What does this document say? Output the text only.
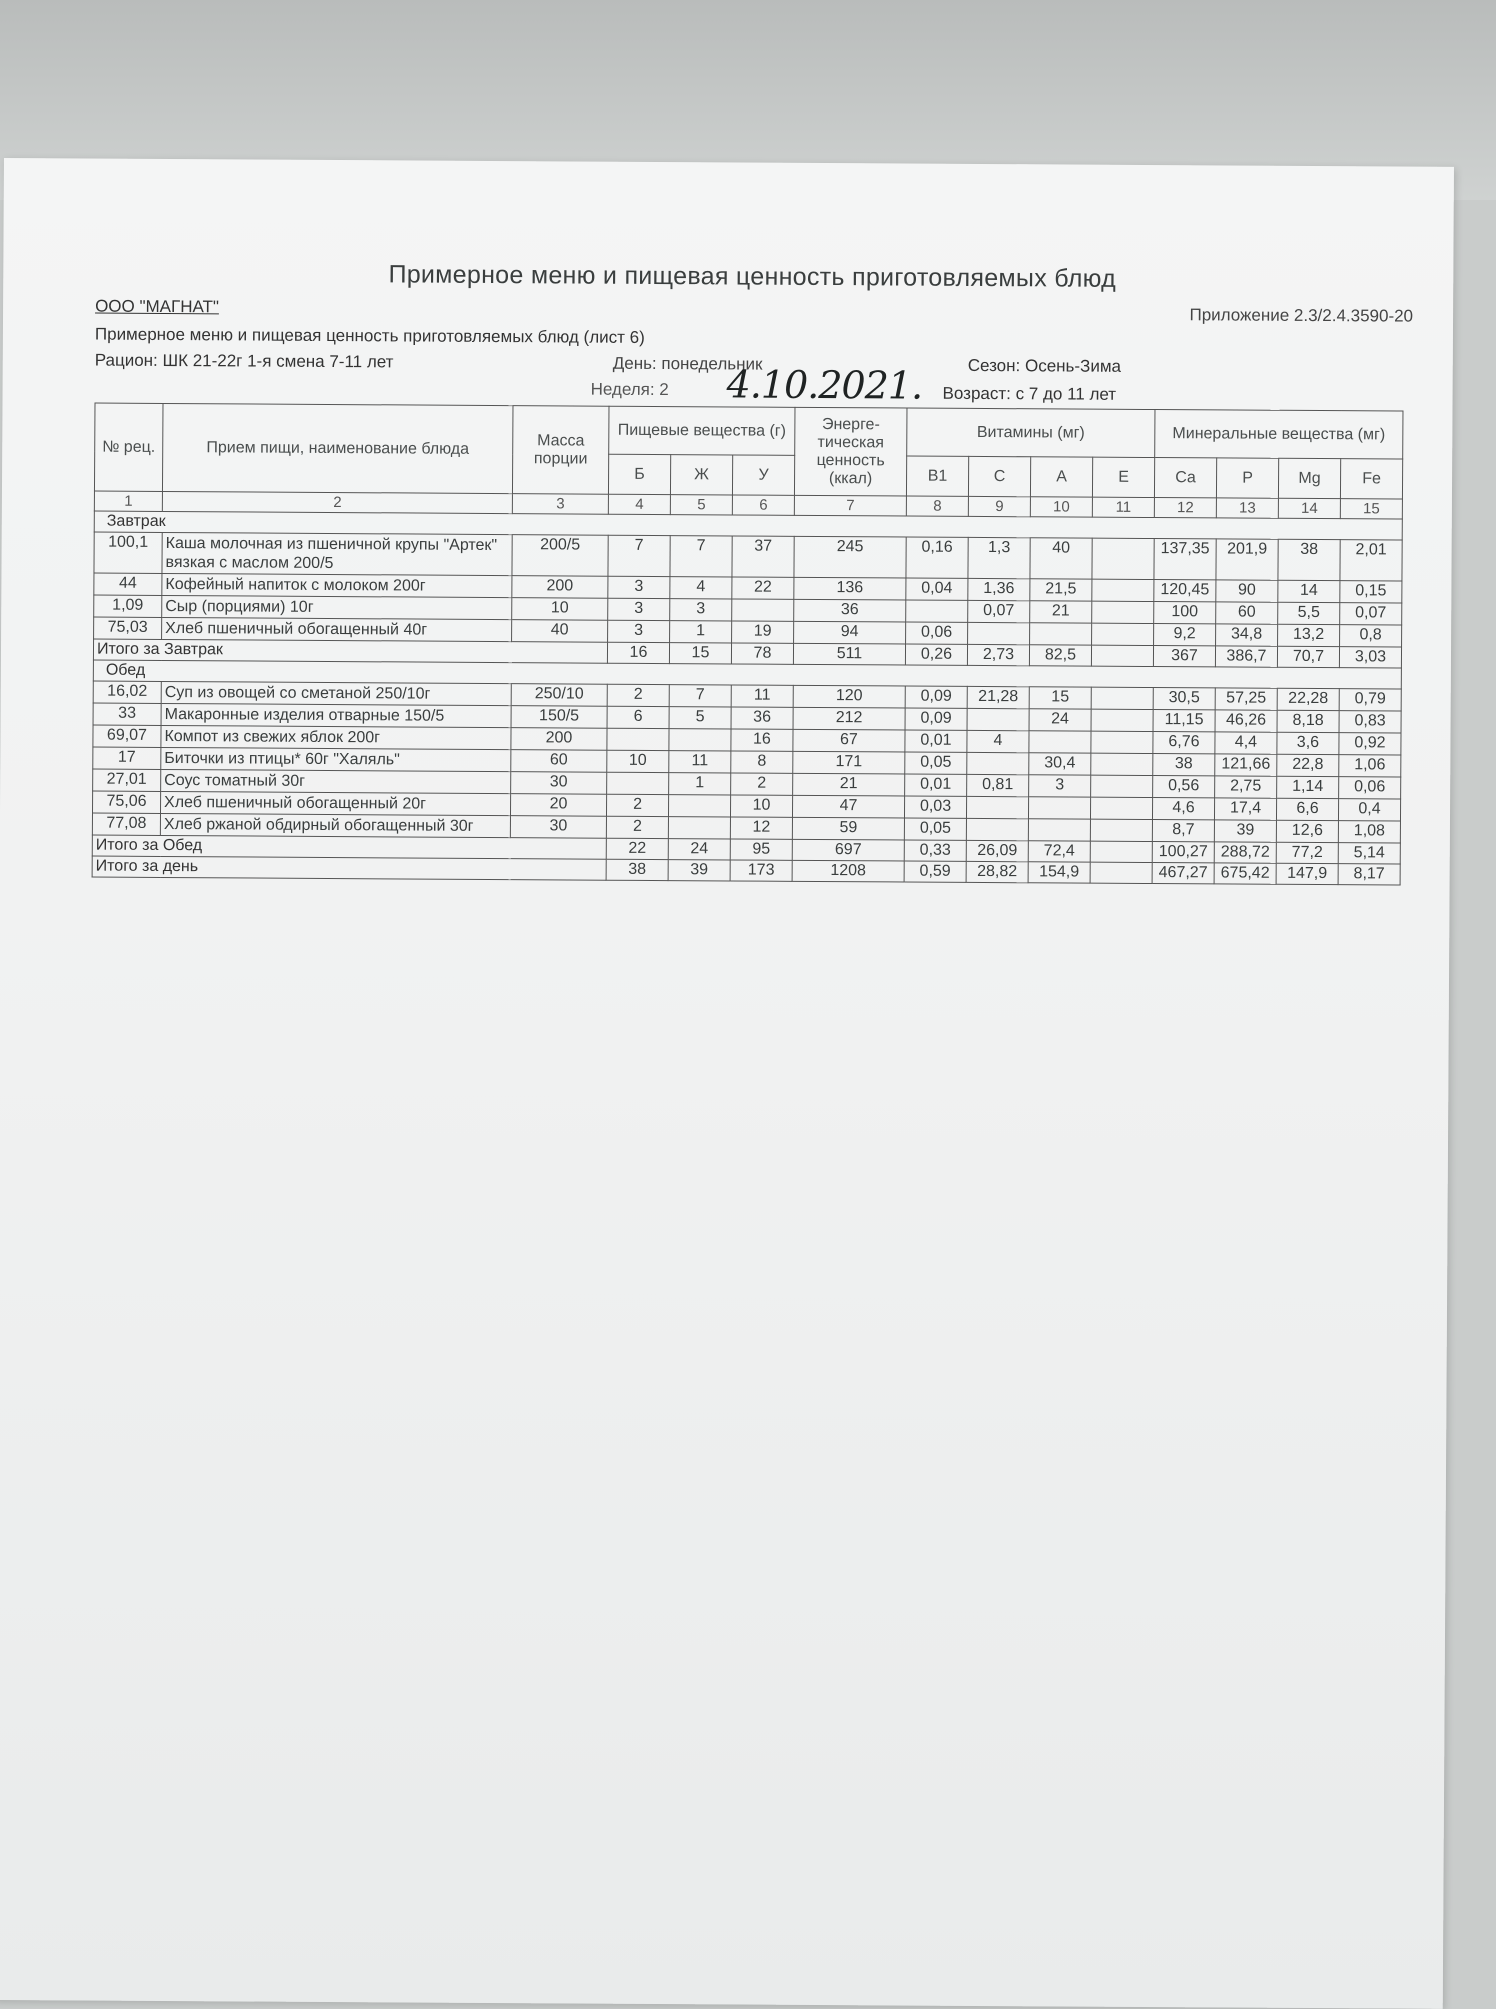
Примерное меню и пищевая ценность приготовляемых блюд
ООО "МАГНАТ"	Приложение 2.3/2.4.3590-20
Примерное меню и пищевая ценность приготовляемых блюд (лист 6)
Рацион: ШК 21-22г 1-я смена 7-11 лет	День: понедельник	Сезон: Осень-Зима
Неделя: 2 4.10.2021. Возраст: с 7 до 11 лет
№ рец.	Прием пищи, наименование блюда	Масса порции	Пищевые вещества (г)			Энерге-тическая ценность (ккал)	Витамины (мг)				Минеральные вещества (мг)			
			Б	Ж	У		В1	С	А	Е	Ca	P	Mg	Fe
1	2	3	4	5	6	7	8	9	10	11	12	13	14	15
Завтрак														
100,1	Каша молочная из пшеничной крупы "Артек" вязкая с маслом 200/5	200/5	7	7	37	245	0,16	1,3	40		137,35	201,9	38	2,01
44	Кофейный напиток с молоком 200г	200	3	4	22	136	0,04	1,36	21,5		120,45	90	14	0,15
1,09	Сыр (порциями) 10г	10	3	3		36		0,07	21		100	60	5,5	0,07
75,03	Хлеб пшеничный обогащенный 40г	40	3	1	19	94	0,06				9,2	34,8	13,2	0,8
Итого за Завтрак			16	15	78	511	0,26	2,73	82,5		367	386,7	70,7	3,03
Обед														
16,02	Суп из овощей со сметаной 250/10г	250/10	2	7	11	120	0,09	21,28	15		30,5	57,25	22,28	0,79
33	Макаронные изделия отварные 150/5	150/5	6	5	36	212	0,09		24		11,15	46,26	8,18	0,83
69,07	Компот из свежих яблок 200г	200			16	67	0,01	4			6,76	4,4	3,6	0,92
17	Биточки из птицы* 60г "Халяль"	60	10	11	8	171	0,05		30,4		38	121,66	22,8	1,06
27,01	Соус томатный 30г	30		1	2	21	0,01	0,81	3		0,56	2,75	1,14	0,06
75,06	Хлеб пшеничный обогащенный 20г	20	2		10	47	0,03				4,6	17,4	6,6	0,4
77,08	Хлеб ржаной обдирный обогащенный 30г	30	2		12	59	0,05				8,7	39	12,6	1,08
Итого за Обед			22	24	95	697	0,33	26,09	72,4		100,27	288,72	77,2	5,14
Итого за день			38	39	173	1208	0,59	28,82	154,9		467,27	675,42	147,9	8,17
